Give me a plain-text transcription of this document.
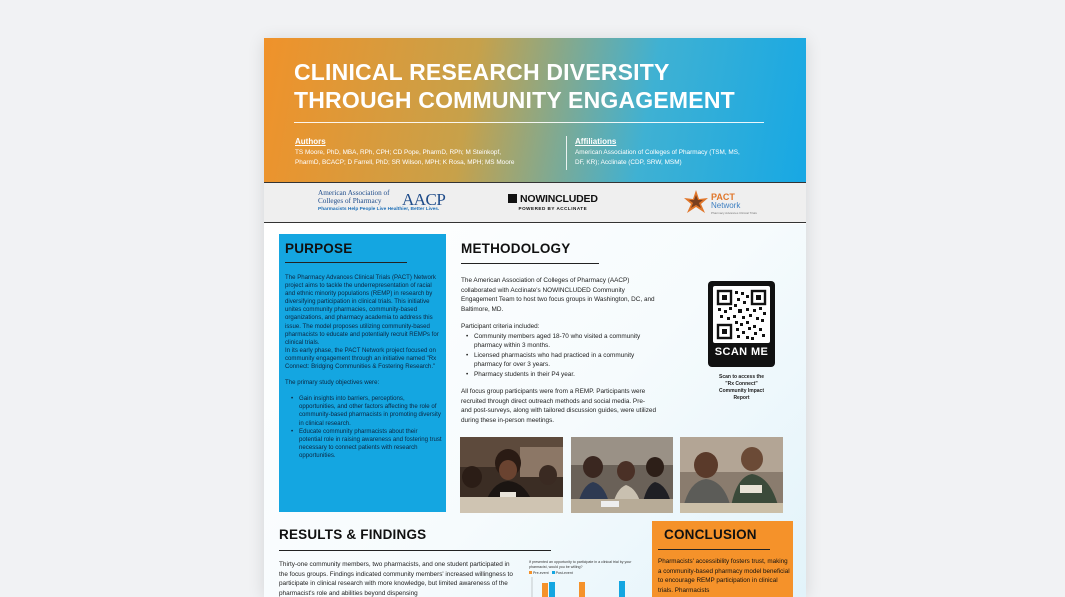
CLINICAL RESEARCH DIVERSITY
THROUGH COMMUNITY ENGAGEMENT
Authors
TS Moore, PhD, MBA, RPh, CPH; CD Pope, PharmD, RPh; M Steinkopf,
PharmD, BCACP; D Farrell, PhD; SR Wilson, MPH; K Rosa, MPH; MS Moore
Affiliations
American Association of Colleges of Pharmacy (TSM, MS,
DF, KR); Acclinate (CDP, SRW, MSM)
American Association of
Colleges of Pharmacy	AACP
Pharmacists Help People Live Healthier, Better Lives.
NOWINCLUDED
POWERED BY ACCLINATE
PACT
Network
Pharmacy Advances Clinical Trials
PURPOSE
The Pharmacy Advances Clinical Trials (PACT) Network project aims to tackle the underrepresentation of racial and ethnic minority populations (REMP) in research by diversifying participation in clinical trials. This initiative unites community pharmacies, community-based organizations, and pharmacy academia to address this issue. The model proposes utilizing community-based pharmacists to educate and potentially recruit REMPs for clinical trials.

In its early phase, the PACT Network project focused on community engagement through an initiative named "Rx Connect: Bridging Communities & Fostering Research."

The primary study objectives were:

• Gain insights into barriers, perceptions, opportunities, and other factors affecting the role of community-based pharmacists in promoting diversity in clinical research.
• Educate community pharmacists about their potential role in raising awareness and fostering trust necessary to connect patients with research opportunities.
METHODOLOGY

The American Association of Colleges of Pharmacy (AACP) collaborated with Acclinate's NOWINCLUDED Community Engagement Team to host two focus groups in Washington, DC, and Baltimore, MD.

Participant criteria included:
• Community members aged 18-70 who visited a community pharmacy within 3 months.
• Licensed pharmacists who had practiced in a community pharmacy for over 3 years.
• Pharmacy students in their P4 year.
All focus group participants were from a REMP. Participants were recruited through direct outreach methods and social media. Pre- and post-surveys, along with tailored discussion guides, were utilized during these in-person meetings.
SCAN ME
Scan to access the
"Rx Connect"
Community Impact
Report
RESULTS & FINDINGS
Thirty-one community members, two pharmacists, and one student participated in the focus groups. Findings indicated community members' increased willingness to participate in clinical research with more knowledge, but limited awareness of the pharmacist's role and abilities beyond dispensing
If presented an opportunity to participate in a clinical trial by your pharmacist, would you be willing?
Pre-event Post-event
CONCLUSION
Pharmacists' accessibility fosters trust, making a community-based pharmacy model beneficial to encourage REMP participation in clinical trials. Pharmacists
